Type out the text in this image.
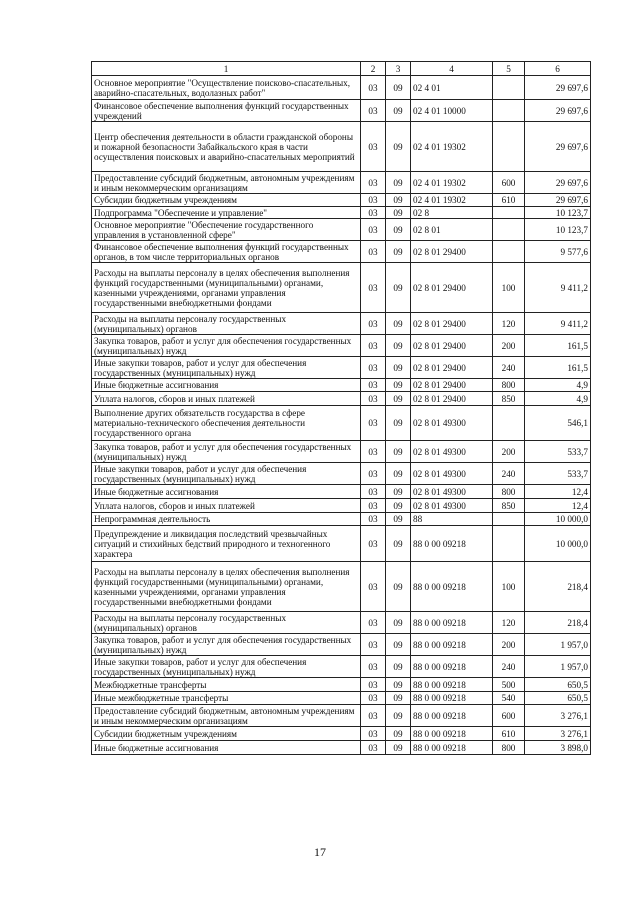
1	2	3	4	5	6
Основное мероприятие "Осуществление поисково-спасательных, аварийно-спасательных, водолазных работ"	03	09	02 4 01		29 697,6
Финансовое обеспечение выполнения функций государственных учреждений	03	09	02 4 01 10000		29 697,6
Центр обеспечения деятельности в области гражданской обороны и пожарной безопасности Забайкальского края в части осуществления поисковых и аварийно-спасательных мероприятий	03	09	02 4 01 19302		29 697,6
Предоставление субсидий бюджетным, автономным учреждениям и иным некоммерческим организациям	03	09	02 4 01 19302	600	29 697,6
Субсидии бюджетным учреждениям	03	09	02 4 01 19302	610	29 697,6
Подпрограмма "Обеспечение и управление"	03	09	02 8		10 123,7
Основное мероприятие "Обеспечение государственного управления в установленной сфере"	03	09	02 8 01		10 123,7
Финансовое обеспечение выполнения функций государственных органов, в том числе территориальных органов	03	09	02 8 01 29400		9 577,6
Расходы на выплаты персоналу в целях обеспечения выполнения функций государственными (муниципальными) органами, казенными учреждениями, органами управления государственными внебюджетными фондами	03	09	02 8 01 29400	100	9 411,2
Расходы на выплаты персоналу государственных (муниципальных) органов	03	09	02 8 01 29400	120	9 411,2
Закупка товаров, работ и услуг для обеспечения государственных (муниципальных) нужд	03	09	02 8 01 29400	200	161,5
Иные закупки товаров, работ и услуг для обеспечения государственных (муниципальных) нужд	03	09	02 8 01 29400	240	161,5
Иные бюджетные ассигнования	03	09	02 8 01 29400	800	4,9
Уплата налогов, сборов и иных платежей	03	09	02 8 01 29400	850	4,9
Выполнение других обязательств государства в сфере материально-технического обеспечения деятельности государственного органа	03	09	02 8 01 49300		546,1
Закупка товаров, работ и услуг для обеспечения государственных (муниципальных) нужд	03	09	02 8 01 49300	200	533,7
Иные закупки товаров, работ и услуг для обеспечения государственных (муниципальных) нужд	03	09	02 8 01 49300	240	533,7
Иные бюджетные ассигнования	03	09	02 8 01 49300	800	12,4
Уплата налогов, сборов и иных платежей	03	09	02 8 01 49300	850	12,4
Непрограммная деятельность	03	09	88		10 000,0
Предупреждение и ликвидация последствий чрезвычайных ситуаций и стихийных бедствий природного и техногенного характера	03	09	88 0 00 09218		10 000,0
Расходы на выплаты персоналу в целях обеспечения выполнения функций государственными (муниципальными) органами, казенными учреждениями, органами управления государственными внебюджетными фондами	03	09	88 0 00 09218	100	218,4
Расходы на выплаты персоналу государственных (муниципальных) органов	03	09	88 0 00 09218	120	218,4
Закупка товаров, работ и услуг для обеспечения государственных (муниципальных) нужд	03	09	88 0 00 09218	200	1 957,0
Иные закупки товаров, работ и услуг для обеспечения государственных (муниципальных) нужд	03	09	88 0 00 09218	240	1 957,0
Межбюджетные трансферты	03	09	88 0 00 09218	500	650,5
Иные межбюджетные трансферты	03	09	88 0 00 09218	540	650,5
Предоставление субсидий бюджетным, автономным учреждениям и иным некоммерческим организациям	03	09	88 0 00 09218	600	3 276,1
Субсидии бюджетным учреждениям	03	09	88 0 00 09218	610	3 276,1
Иные бюджетные ассигнования	03	09	88 0 00 09218	800	3 898,0
17
